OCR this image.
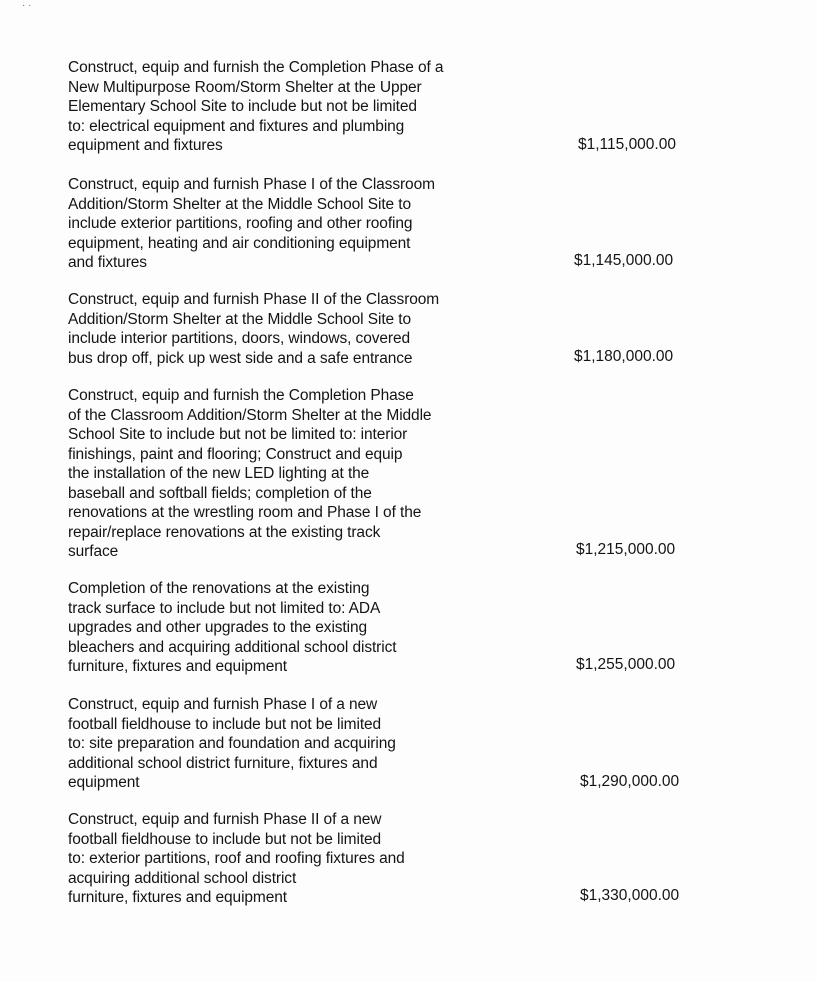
· ·
Construct, equip and furnish the Completion Phase of a
New Multipurpose Room/Storm Shelter at the Upper
Elementary School Site to include but not be limited
to: electrical equipment and fixtures and plumbing
equipment and fixtures	$1,115,000.00
Construct, equip and furnish Phase I of the Classroom
Addition/Storm Shelter at the Middle School Site to
include exterior partitions, roofing and other roofing
equipment, heating and air conditioning equipment
and fixtures	$1,145,000.00
Construct, equip and furnish Phase II of the Classroom
Addition/Storm Shelter at the Middle School Site to
include interior partitions, doors, windows, covered
bus drop off, pick up west side and a safe entrance	$1,180,000.00
Construct, equip and furnish the Completion Phase
of the Classroom Addition/Storm Shelter at the Middle
School Site to include but not be limited to: interior
finishings, paint and flooring; Construct and equip
the installation of the new LED lighting at the
baseball and softball fields; completion of the
renovations at the wrestling room and Phase I of the
repair/replace renovations at the existing track
surface	$1,215,000.00
Completion of the renovations at the existing
track surface to include but not limited to: ADA
upgrades and other upgrades to the existing
bleachers and acquiring additional school district
furniture, fixtures and equipment	$1,255,000.00
Construct, equip and furnish Phase I of a new
football fieldhouse to include but not be limited
to: site preparation and foundation and acquiring
additional school district furniture, fixtures and
equipment	$1,290,000.00
Construct, equip and furnish Phase II of a new
football fieldhouse to include but not be limited
to: exterior partitions, roof and roofing fixtures and
acquiring additional school district
furniture, fixtures and equipment	$1,330,000.00
